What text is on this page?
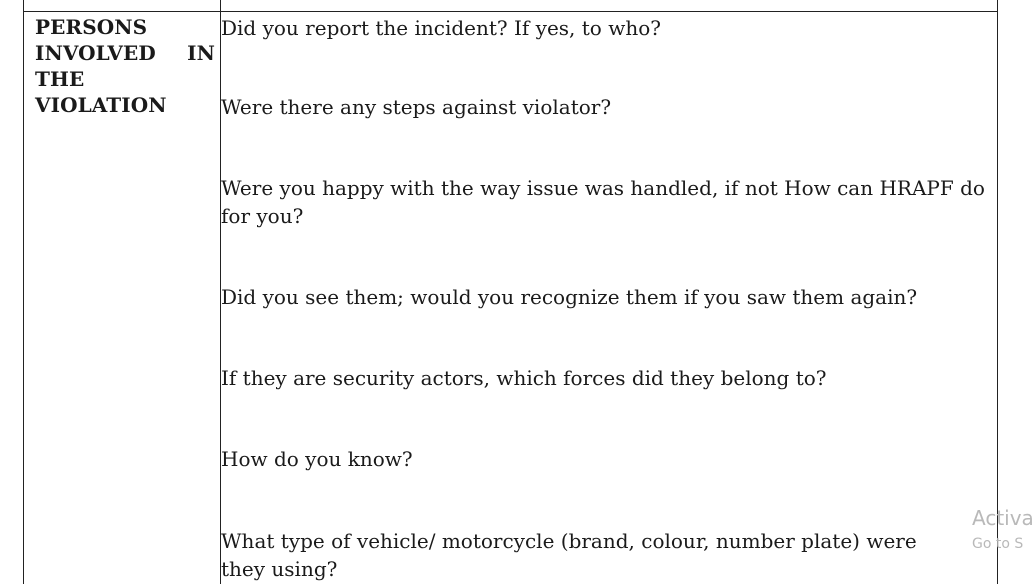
PERSONS
INVOLVED IN
THE
VIOLATION

Did you report the incident? If yes, to who?

Were there any steps against violator?

Were you happy with the way issue was handled, if not How can HRAPF do for you?

Did you see them; would you recognize them if you saw them again?

If they are security actors, which forces did they belong to?

How do you know?

What type of vehicle/ motorcycle (brand, colour, number plate) were they using?

Activa
Go to S
